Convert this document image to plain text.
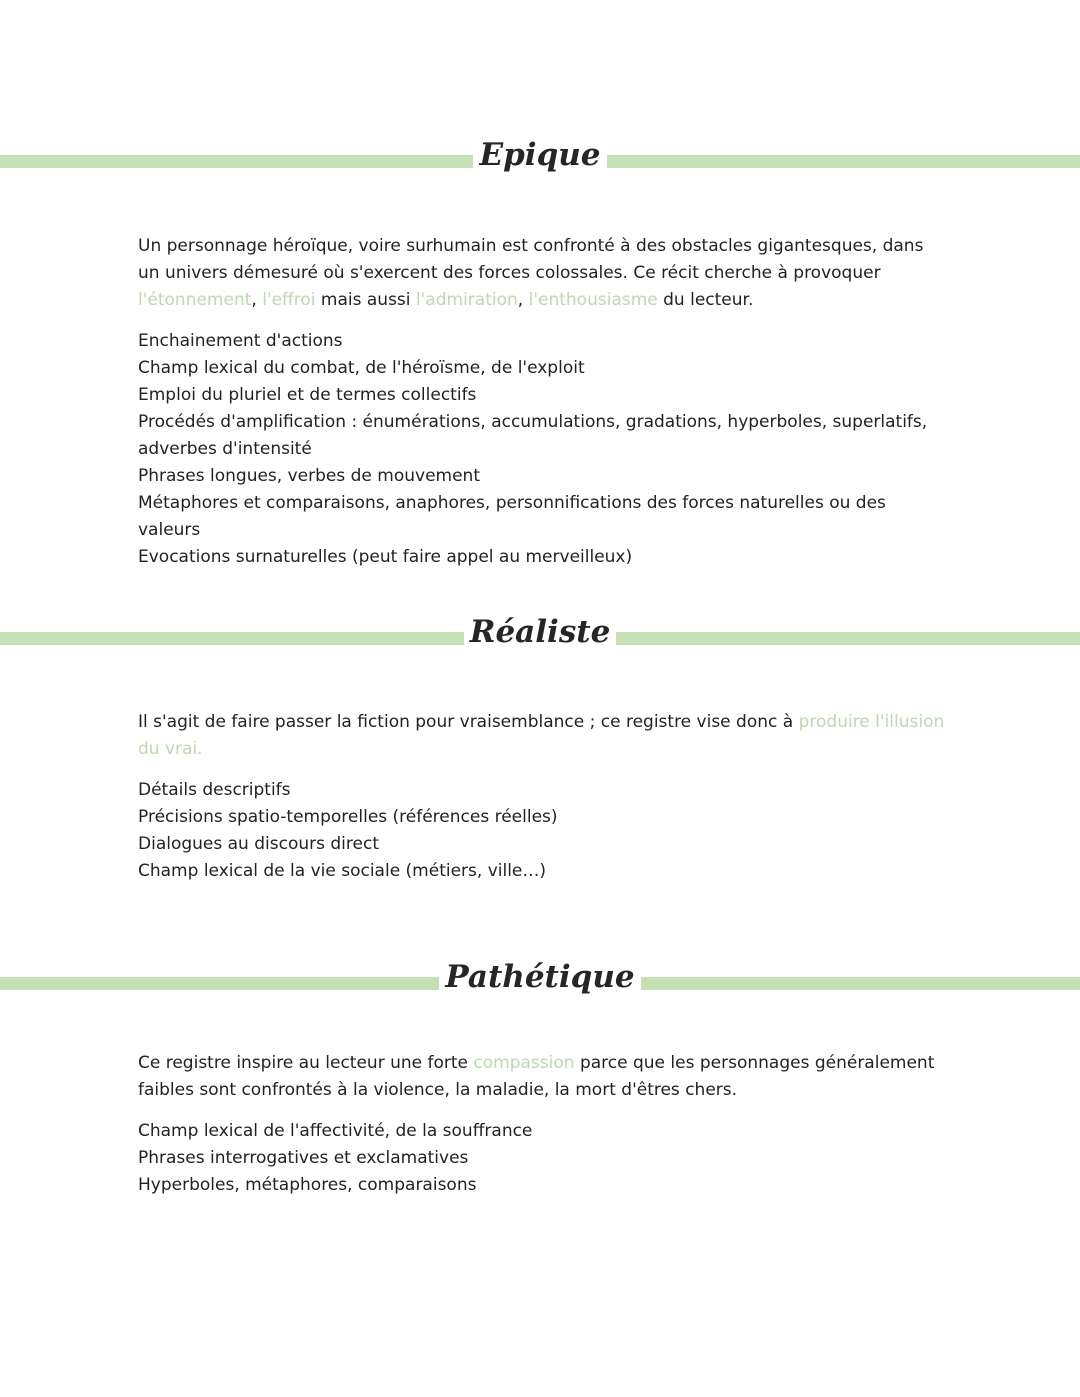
Epique

Un personnage héroïque, voire surhumain est confronté à des obstacles gigantesques, dans un univers démesuré où s'exercent des forces colossales. Ce récit cherche à provoquer l'étonnement, l'effroi mais aussi l'admiration, l'enthousiasme du lecteur.

Enchainement d'actions
Champ lexical du combat, de l'héroïsme, de l'exploit
Emploi du pluriel et de termes collectifs
Procédés d'amplification : énumérations, accumulations, gradations, hyperboles, superlatifs, adverbes d'intensité
Phrases longues, verbes de mouvement
Métaphores et comparaisons, anaphores, personnifications des forces naturelles ou des valeurs
Evocations surnaturelles (peut faire appel au merveilleux)
Réaliste

Il s'agit de faire passer la fiction pour vraisemblance ; ce registre vise donc à produire l'illusion du vrai.

Détails descriptifs
Précisions spatio-temporelles (références réelles)
Dialogues au discours direct
Champ lexical de la vie sociale (métiers, ville…)
Pathétique

Ce registre inspire au lecteur une forte compassion parce que les personnages généralement faibles sont confrontés à la violence, la maladie, la mort d'êtres chers.

Champ lexical de l'affectivité, de la souffrance
Phrases interrogatives et exclamatives
Hyperboles, métaphores, comparaisons
